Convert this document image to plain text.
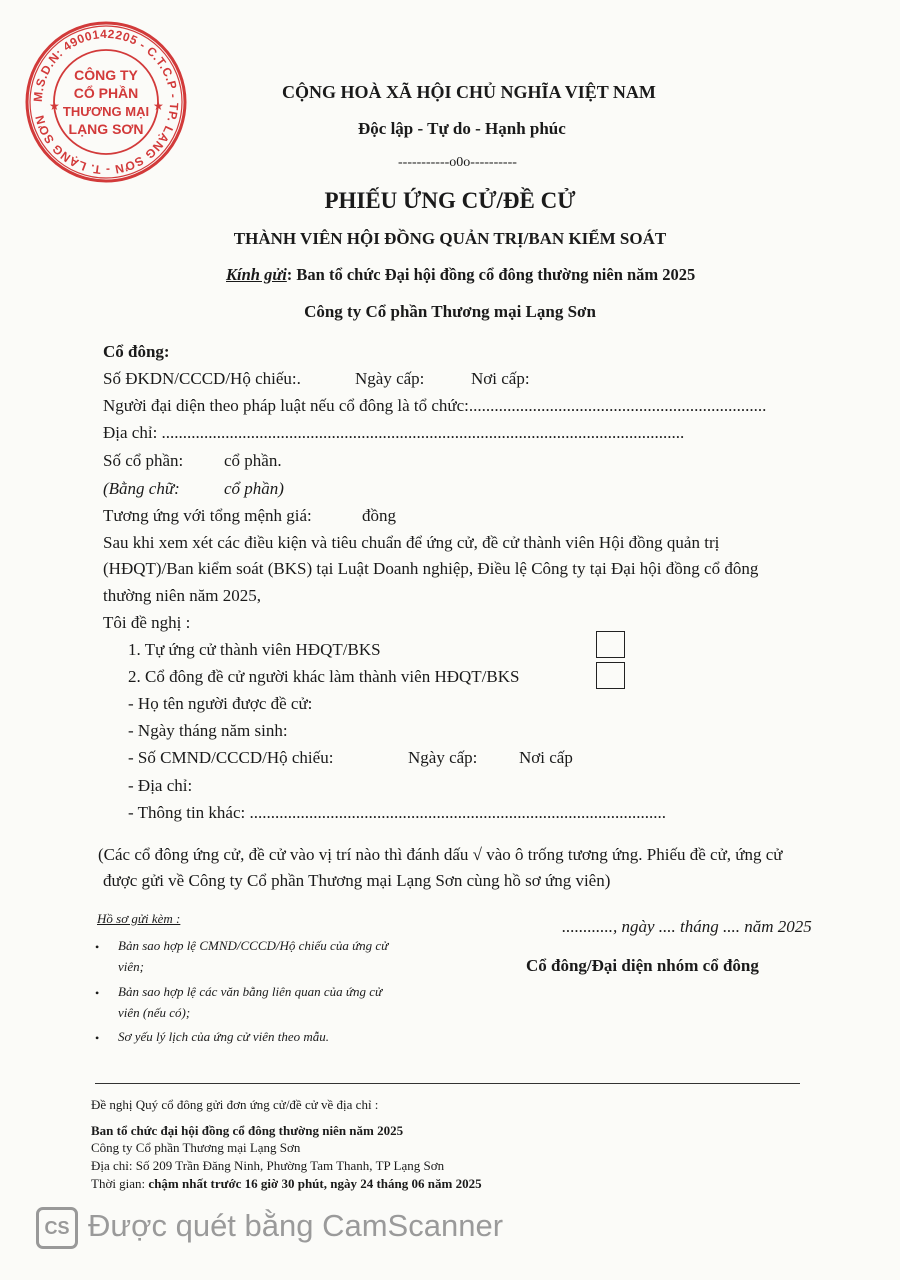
M.S.D.N: 4900142205 - C.T.C.P - TP. LẠNG SƠN - T. LẠNG SƠN
CÔNG TY
CỔ PHẦN
THƯƠNG MẠI
LẠNG SƠN
★	★
CỘNG HOÀ XÃ HỘI CHỦ NGHĨA VIỆT NAM
Độc lập - Tự do - Hạnh phúc
-----------o0o----------
PHIẾU ỨNG CỬ/ĐỀ CỬ
THÀNH VIÊN HỘI ĐỒNG QUẢN TRỊ/BAN KIỂM SOÁT
Kính gửi: Ban tổ chức Đại hội đồng cổ đông thường niên năm 2025
Công ty Cổ phần Thương mại Lạng Sơn
Cổ đông:
Số ĐKDN/CCCD/Hộ chiếu:.	Ngày cấp:	Nơi cấp:
Người đại diện theo pháp luật nếu cổ đông là tổ chức:......................................................................
Địa chỉ: ...........................................................................................................................
Số cổ phần: cổ phần.
(Bằng chữ:	cổ phần)
Tương ứng với tổng mệnh giá:	đồng
Sau khi xem xét các điều kiện và tiêu chuẩn để ứng cử, đề cử thành viên Hội đồng quản trị
(HĐQT)/Ban kiểm soát (BKS) tại Luật Doanh nghiệp, Điều lệ Công ty tại Đại hội đồng cổ đông
thường niên năm 2025,
Tôi đề nghị :
1. Tự ứng cử thành viên HĐQT/BKS
2. Cổ đông đề cử người khác làm thành viên HĐQT/BKS
- Họ tên người được đề cử:
- Ngày tháng năm sinh:
- Số CMND/CCCD/Hộ chiếu:	Ngày cấp: Nơi cấp
- Địa chỉ:
- Thông tin khác: ..................................................................................................
(Các cổ đông ứng cử, đề cử vào vị trí nào thì đánh dấu √ vào ô trống tương ứng. Phiếu đề cử, ứng cử
được gửi về Công ty Cổ phần Thương mại Lạng Sơn cùng hồ sơ ứng viên)
Hồ sơ gửi kèm :
• Bản sao hợp lệ CMND/CCCD/Hộ chiếu của ứng cử
viên;
• Bản sao hợp lệ các văn bằng liên quan của ứng cử
viên (nếu có);
• Sơ yếu lý lịch của ứng cử viên theo mẫu.
............, ngày .... tháng .... năm 2025
Cổ đông/Đại diện nhóm cổ đông
Đề nghị Quý cổ đông gửi đơn ứng cử/đề cử về địa chỉ :
Ban tổ chức đại hội đồng cổ đông thường niên năm 2025
Công ty Cổ phần Thương mại Lạng Sơn
Địa chỉ: Số 209 Trần Đăng Ninh, Phường Tam Thanh, TP Lạng Sơn
Thời gian: chậm nhất trước 16 giờ 30 phút, ngày 24 tháng 06 năm 2025
CS Được quét bằng CamScanner
